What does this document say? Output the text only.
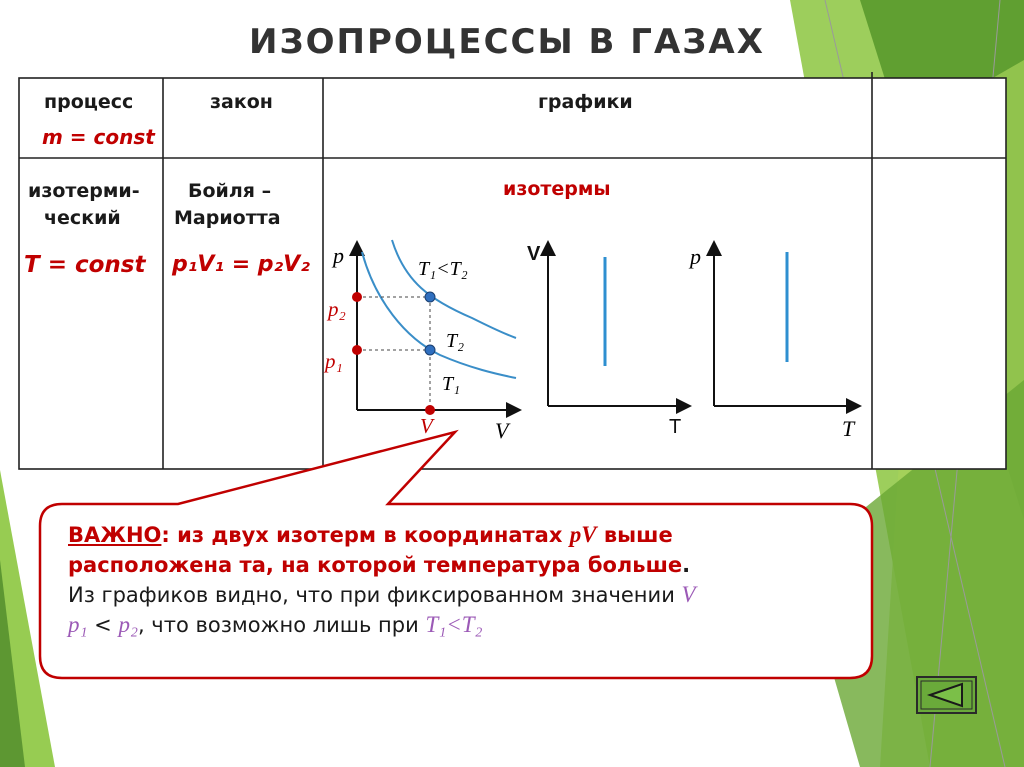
ИЗОПРОЦЕССЫ В ГАЗАХ
процесс
m = const
закон	графики
изотерми-
ческий
T = const
Бойля –
Мариотта
p₁V₁ = p₂V₂
изотермы
p
V
T₁<T₂
T₂
T₁
p₂
p₁
V
V
T
p
T
ВАЖНО: из двух изотерм в координатах pV выше
расположена та, на которой температура больше.
Из графиков видно, что при фиксированном значении V
p₁ < p₂, что возможно лишь при T₁<T₂
